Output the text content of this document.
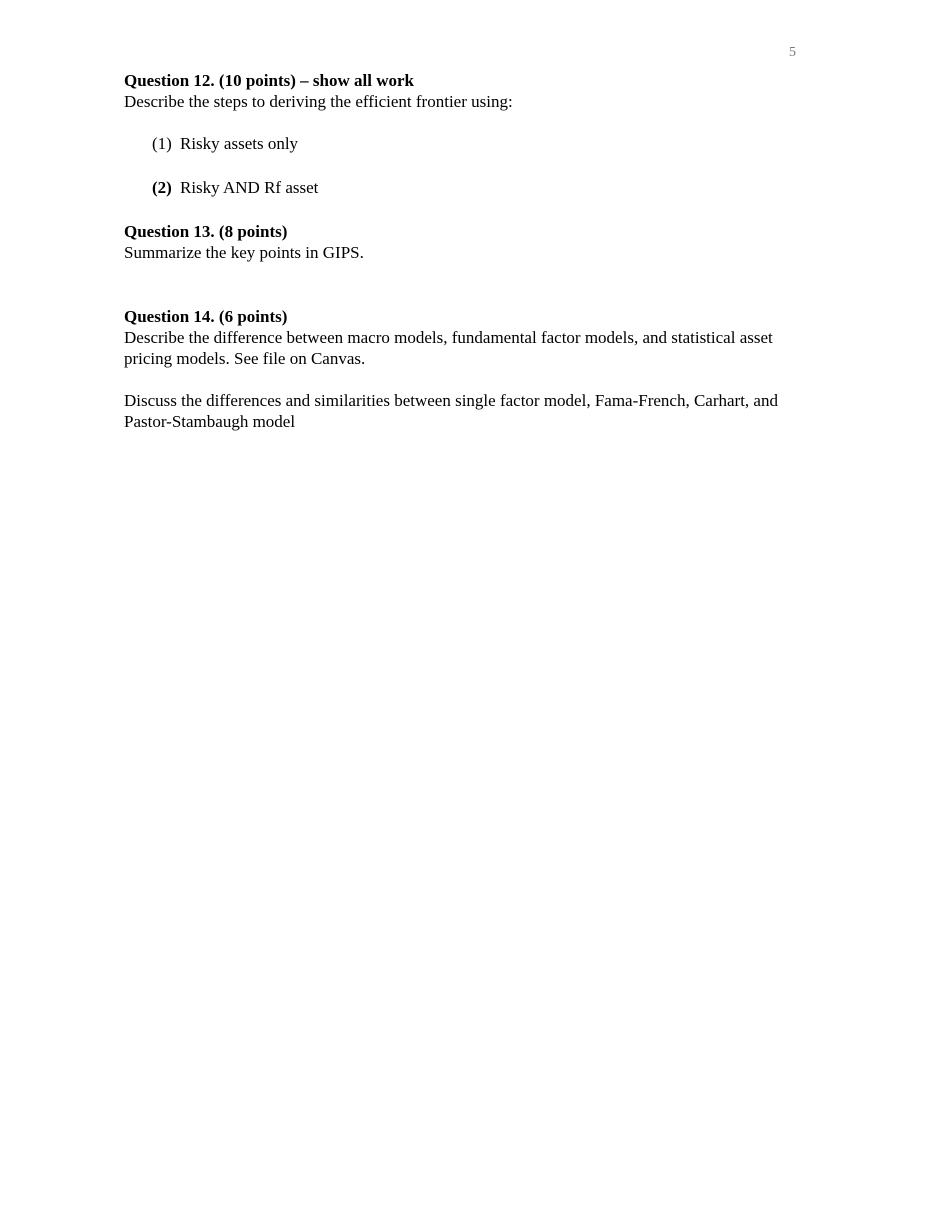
5

Question 12. (10 points) – show all work

Describe the steps to deriving the efficient frontier using:

(1) Risky assets only
(2) Risky AND Rf asset

Question 13. (8 points)

Summarize the key points in GIPS.

Question 14. (6 points)

Describe the difference between macro models, fundamental factor models, and statistical asset pricing models. See file on Canvas.

Discuss the differences and similarities between single factor model, Fama-French, Carhart, and Pastor-Stambaugh model
